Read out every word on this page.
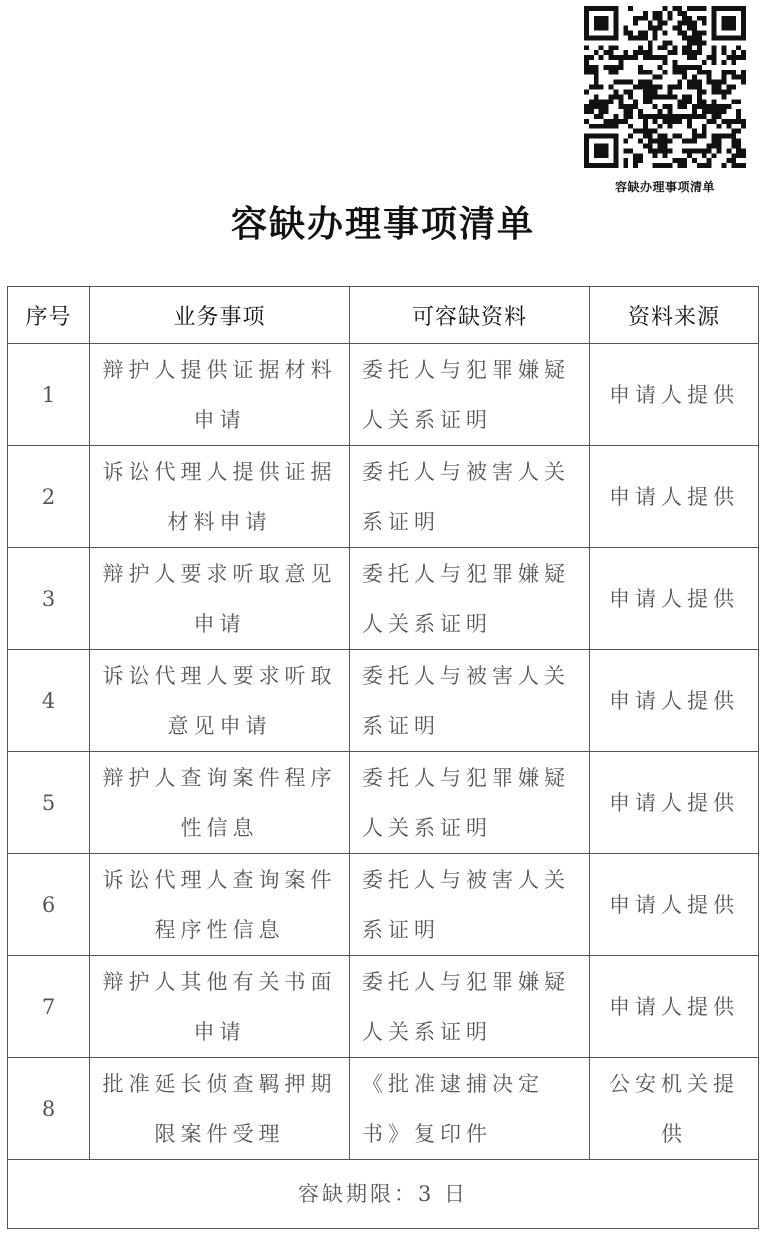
容缺办理事项清单
容缺办理事项清单
序号	业务事项	可容缺资料	资料来源
1	辩护人提供证据材料申请	委托人与犯罪嫌疑人关系证明	申请人提供
2	诉讼代理人提供证据材料申请	委托人与被害人关系证明	申请人提供
3	辩护人要求听取意见申请	委托人与犯罪嫌疑人关系证明	申请人提供
4	诉讼代理人要求听取意见申请	委托人与被害人关系证明	申请人提供
5	辩护人查询案件程序性信息	委托人与犯罪嫌疑人关系证明	申请人提供
6	诉讼代理人查询案件程序性信息	委托人与被害人关系证明	申请人提供
7	辩护人其他有关书面申请	委托人与犯罪嫌疑人关系证明	申请人提供
8	批准延长侦查羁押期限案件受理	《批准逮捕决定书》复印件	公安机关提供
容缺期限：3 日			
